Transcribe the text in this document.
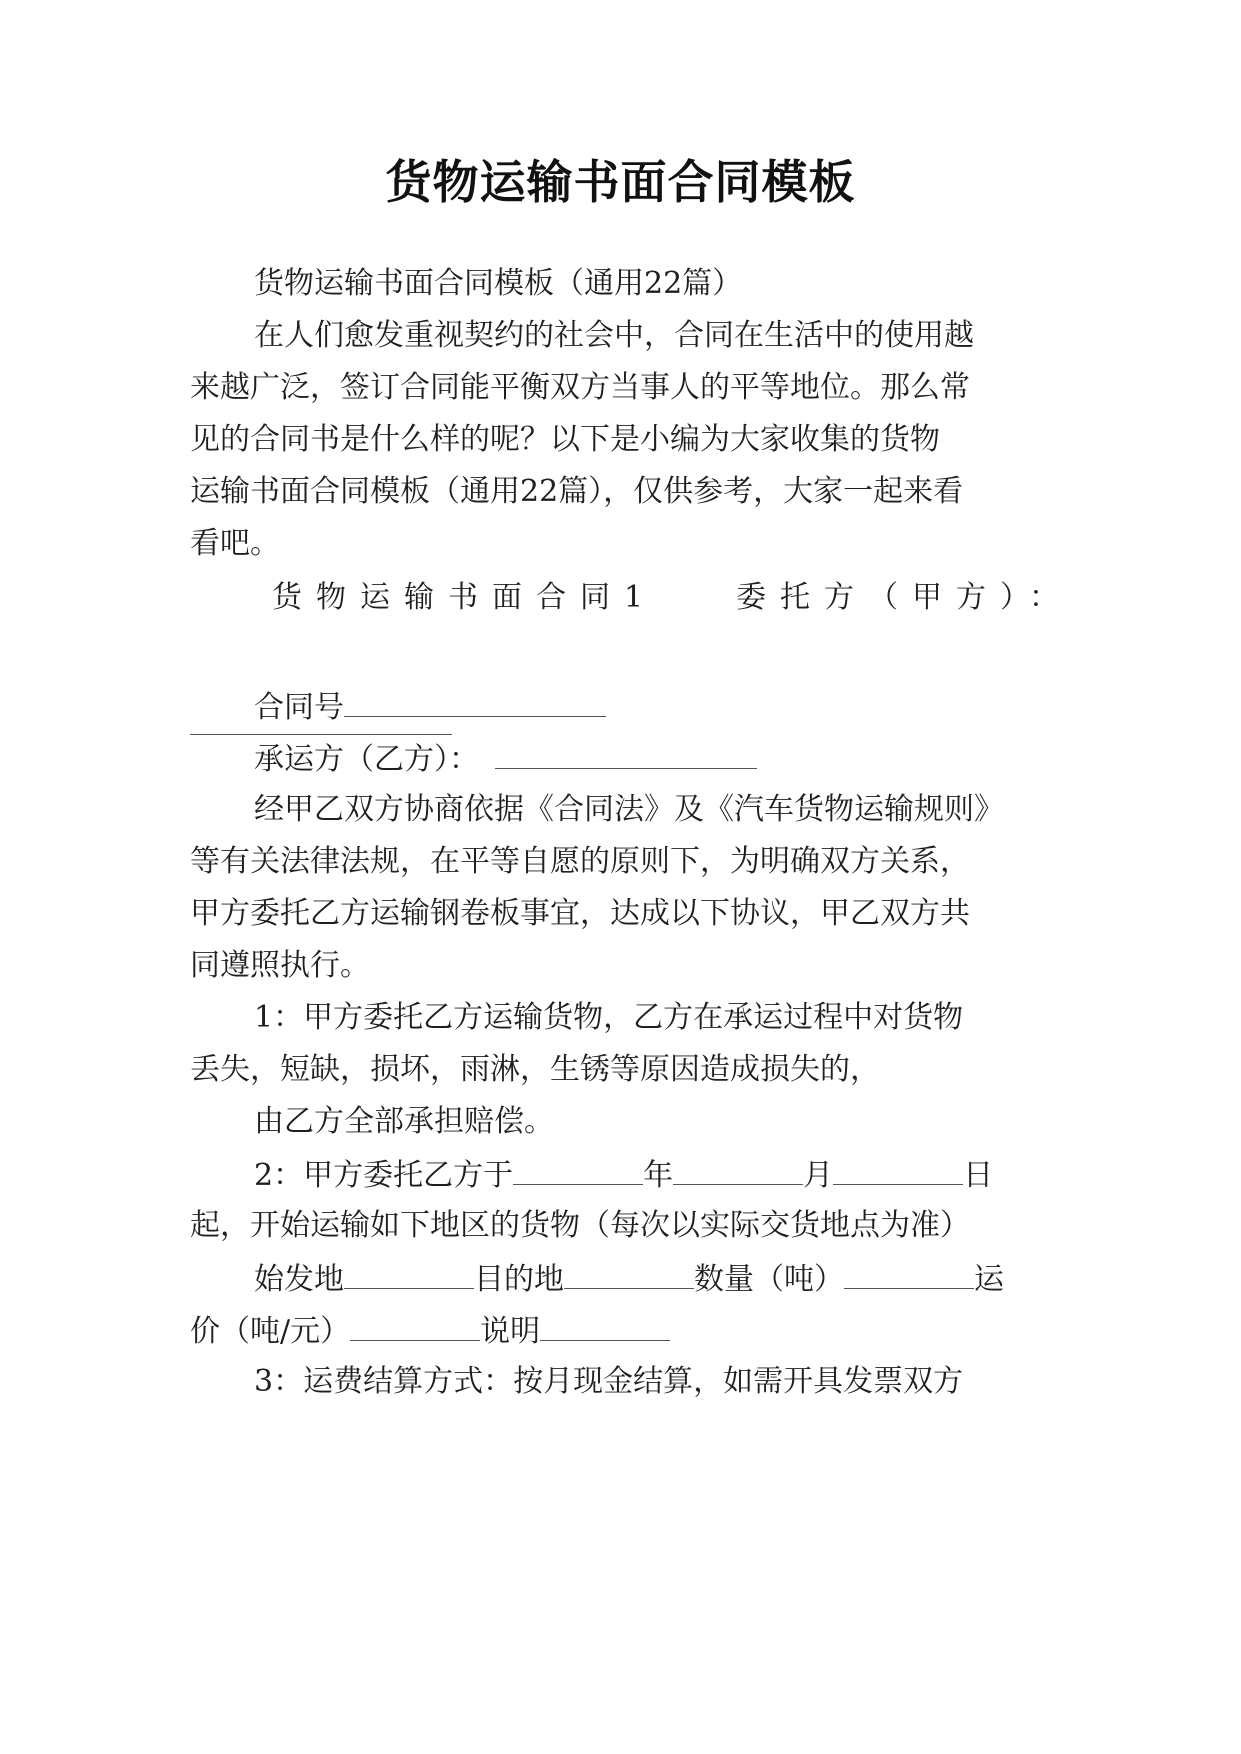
货物运输书面合同模板
货物运输书面合同模板（通用22篇）
在人们愈发重视契约的社会中，合同在生活中的使用越
来越广泛，签订合同能平衡双方当事人的平等地位。那么常
见的合同书是什么样的呢？以下是小编为大家收集的货物
运输书面合同模板（通用22篇），仅供参考，大家一起来看
看吧。
货物运输书面合同1	委托方（甲方）：
合同号
承运方（乙方）：
经甲乙双方协商依据《合同法》及《汽车货物运输规则》
等有关法律法规，在平等自愿的原则下，为明确双方关系，
甲方委托乙方运输钢卷板事宜，达成以下协议，甲乙双方共
同遵照执行。
1：甲方委托乙方运输货物，乙方在承运过程中对货物
丢失，短缺，损坏，雨淋，生锈等原因造成损失的，
由乙方全部承担赔偿。
2：甲方委托乙方于	年	月	日
起，开始运输如下地区的货物（每次以实际交货地点为准）
始发地	目的地	数量（吨）	运
价（吨/元）	说明
3：运费结算方式：按月现金结算，如需开具发票双方
